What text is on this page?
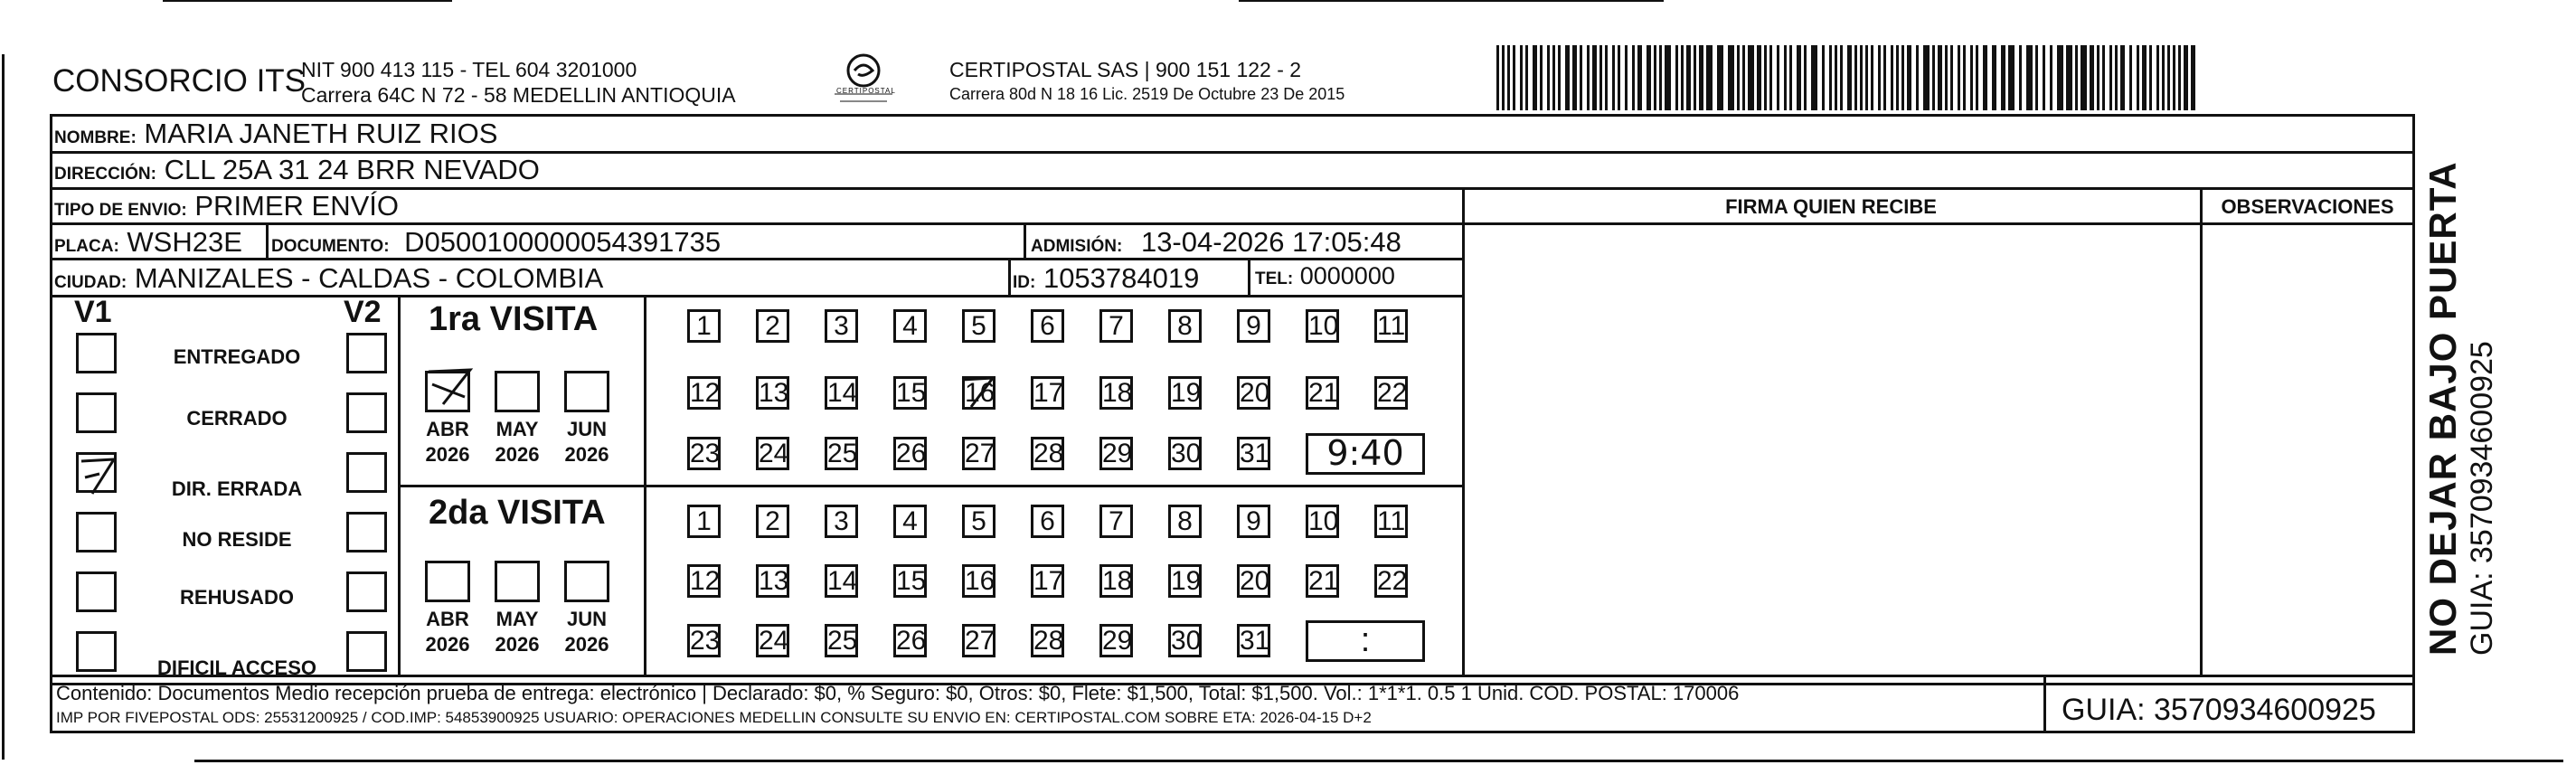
CONSORCIO ITS
NIT 900 413 115 - TEL 604 3201000
Carrera 64C N 72 - 58 MEDELLIN ANTIOQUIA	CERTIPOSTAL
CERTIPOSTAL SAS | 900 151 122 - 2
Carrera 80d N 18 16 Lic. 2519 De Octubre 23 De 2015
NOMBRE: MARIA JANETH RUIZ RIOS
DIRECCIÓN: CLL 25A 31 24 BRR NEVADO
TIPO DE ENVIO: PRIMER ENVÍO	FIRMA QUIEN RECIBE	OBSERVACIONES
PLACA: WSH23E DOCUMENTO: D0500100000054391735	ADMISIÓN: 13-04-2026 17:05:48
CIUDAD: MANIZALES - CALDAS - COLOMBIA	ID: 1053784019	TEL: 0000000
V1	V2
ENTREGADO
CERRADO
DIR. ERRADA
NO RESIDE
REHUSADO
DIFICIL ACCESO
1ra VISITA
ABR
2026
MAY
2026
JUN
2026
1	2	3	4	5	6	7	8	9	10 11
12 13 14 15 16 17 18 19 20 21 22
23 24 25 26 27 28 29 30 31	9:40
2da VISITA
ABR
2026
MAY
2026
JUN
2026
1	2	3	4	5	6	7	8	9	10 11
12 13 14 15 16 17 18 19 20 21 22
23 24 25 26 27 28 29 30 31	:
Contenido: Documentos Medio recepción prueba de entrega: electrónico | Declarado: $0, % Seguro: $0, Otros: $0, Flete: $1,500, Total: $1,500. Vol.: 1*1*1. 0.5 1 Unid. COD. POSTAL: 170006
IMP POR FIVEPOSTAL ODS: 25531200925 / COD.IMP: 54853900925 USUARIO: OPERACIONES MEDELLIN CONSULTE SU ENVIO EN: CERTIPOSTAL.COM SOBRE ETA: 2026-04-15 D+2	GUIA: 3570934600925
NO DEJAR BAJO PUERTA GUIA: 3570934600925
